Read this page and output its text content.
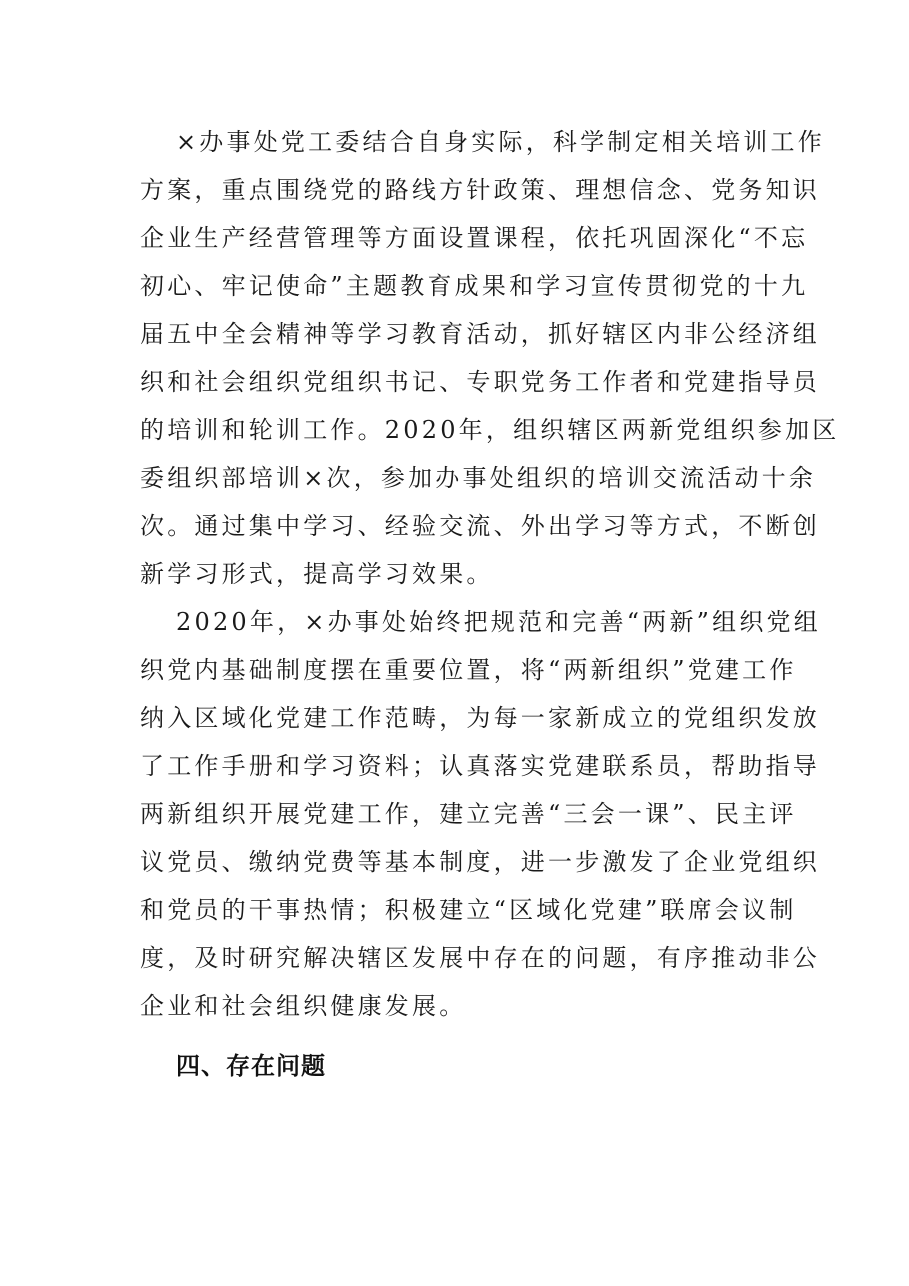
×办事处党工委结合自身实际，科学制定相关培训工作
方案，重点围绕党的路线方针政策、理想信念、党务知识
企业生产经营管理等方面设置课程，依托巩固深化“不忘
初心、牢记使命”主题教育成果和学习宣传贯彻党的十九
届五中全会精神等学习教育活动，抓好辖区内非公经济组
织和社会组织党组织书记、专职党务工作者和党建指导员
的培训和轮训工作。2020年，组织辖区两新党组织参加区
委组织部培训×次，参加办事处组织的培训交流活动十余
次。通过集中学习、经验交流、外出学习等方式，不断创
新学习形式，提高学习效果。
2020年，×办事处始终把规范和完善“两新”组织党组
织党内基础制度摆在重要位置，将“两新组织”党建工作
纳入区域化党建工作范畴，为每一家新成立的党组织发放
了工作手册和学习资料；认真落实党建联系员，帮助指导
两新组织开展党建工作，建立完善“三会一课”、民主评
议党员、缴纳党费等基本制度，进一步激发了企业党组织
和党员的干事热情；积极建立“区域化党建”联席会议制
度，及时研究解决辖区发展中存在的问题，有序推动非公
企业和社会组织健康发展。
四、存在问题
